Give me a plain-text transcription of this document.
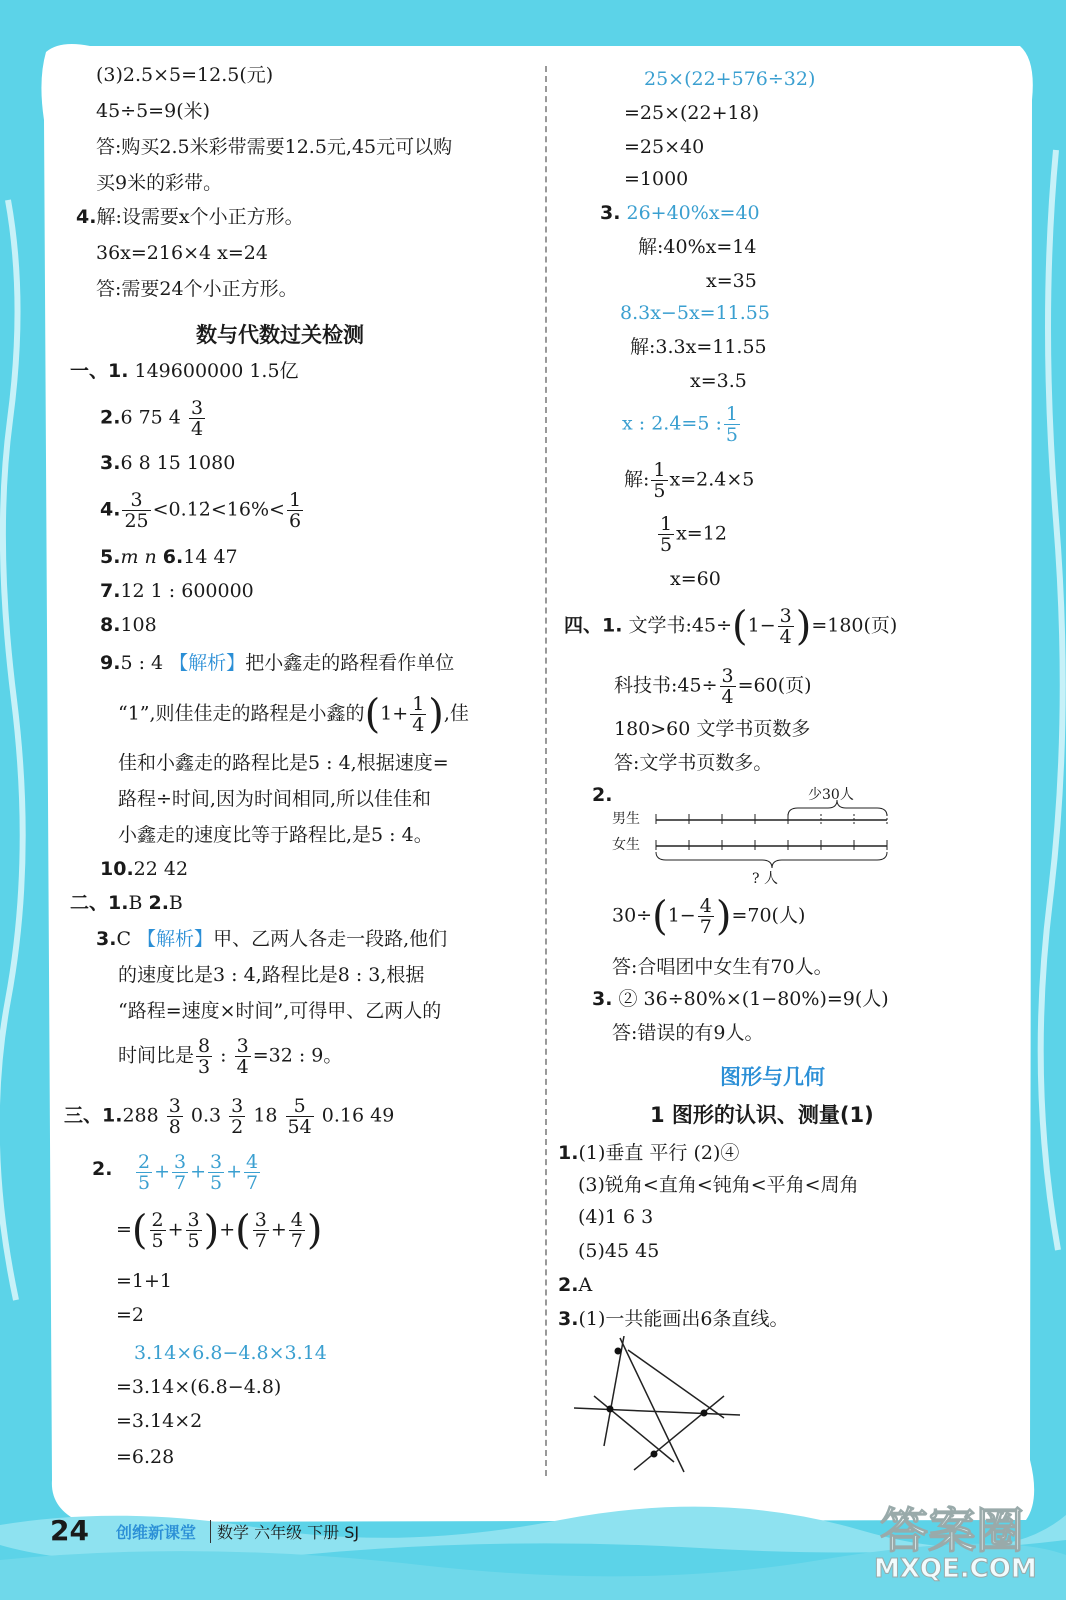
(3)2.5×5=12.5(元)
45÷5=9(米)
答:购买2.5米彩带需要12.5元,45元可以购
买9米的彩带。
4.解:设需要x个小正方形。
36x=216×4 x=24
答:需要24个小正方形。
数与代数过关检测
一、1. 149600000 1.5亿
2.6 75 $4 \frac{3}{4}$
3.6 8 15 1080
4. $\frac{3}{25}$ <0.12̇<16%< $\frac{1}{6}$
5.m n 6.14 47
7.12 1 : 600000
8.108
9.5 : 4 【解析】把小鑫走的路程看作单位
“1”,则佳佳走的路程是小鑫的($1+ \frac{1}{4}$ ),佳
佳和小鑫走的路程比是5 : 4,根据速度=
路程÷时间,因为时间相同,所以佳佳和
小鑫走的速度比等于路程比,是5 : 4。
10.22 42
二、1.B 2.B
3.C 【解析】甲、乙两人各走一段路,他们
的速度比是3 : 4,路程比是8 : 3,根据
“路程=速度×时间”,可得甲、乙两人的
时间比是 $\frac{8}{3}$ : $\frac{3}{4} =32$ : 9。
三、$1.288 \frac{3}{8} 0.3 \frac{3}{2} 18 \frac{5}{54} 0.16$ 49
2. $\frac{2}{5} + \frac{3}{7} + \frac{3}{5} + \frac{4}{7}$
=( $\frac{2}{5} + \frac{3}{5}$ )+( $\frac{3}{7} + \frac{4}{7}$ )
=1+1
=2
3.14×6.8−4.8×3.14
=3.14×(6.8−4.8)
=3.14×2
=6.28
25×(22+576÷32)
=25×(22+18)
=25×40
=1000
3. 26+40%x=40
解:40%x=14
x=35
8.3x−5x=11.55
解:3.3x=11.55
x=3.5
x : 2.4=5 : $\frac{1}{5}$
解: $\frac{1}{5} x=2.4\times 5$
$\frac{1}{5} x=12$
x=60
四、1. 文学书:45÷(1− $\frac{3}{4} )=180$(页)
科技书:45÷ $\frac{3}{4} =60$(页)
180>60 文学书页数多
答:文学书页数多。
2.	少30人
男生
女生
? 人
$30\div(1- \frac{4}{7} )=70$(人)
答:合唱团中女生有70人。
3. ② 36÷80%×(1−80%)=9(人)
答:错误的有9人。
图形与几何
1 图形的认识、测量(1)
1.(1)垂直 平行 (2)④
(3)锐角<直角<钝角<平角<周角
(4)1 6 3
(5)45 45
2.A
3.(1)一共能画出6条直线。
24 创维新课堂	数学 六年级 下册 SJ	答案圈
MXQE.COM
